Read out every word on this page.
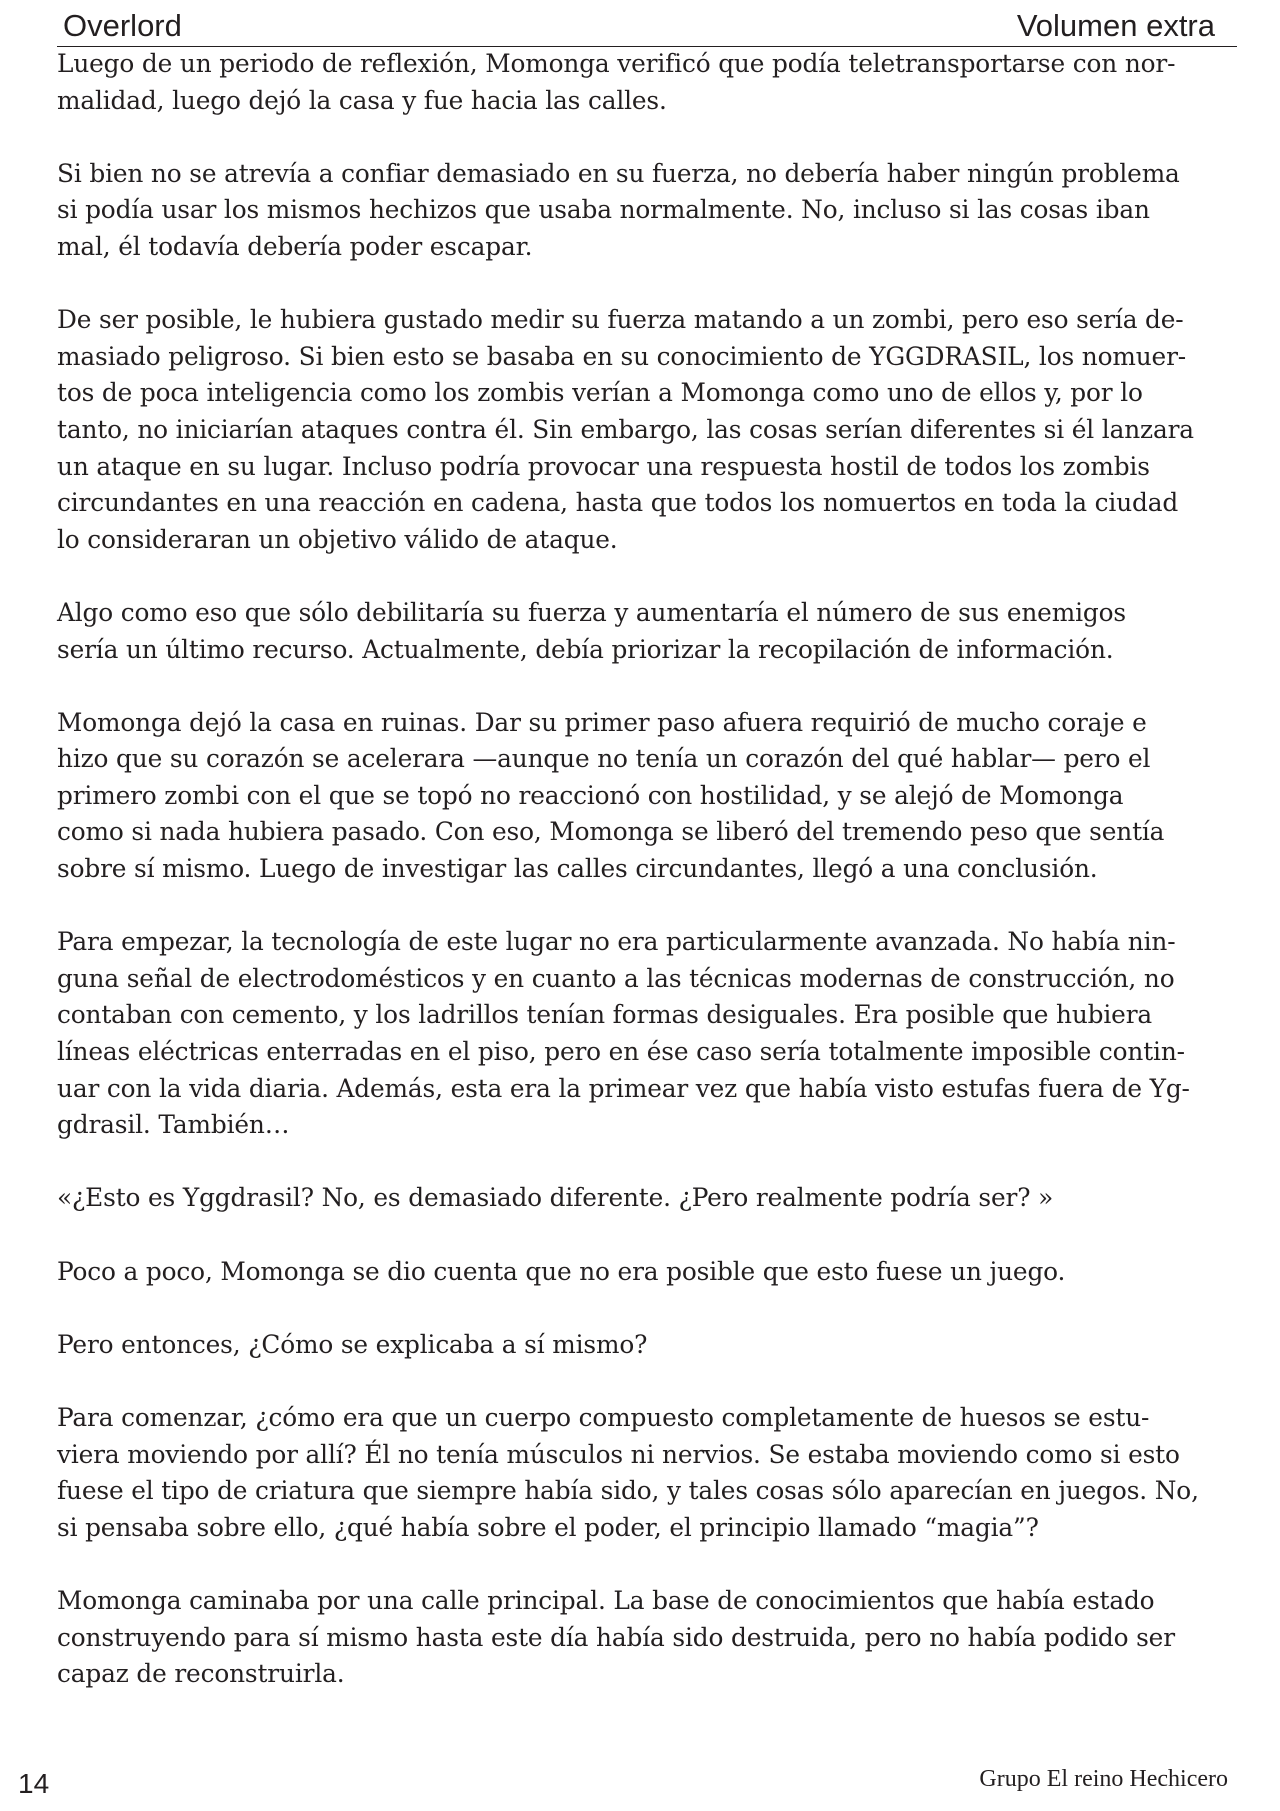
Overlord	Volumen extra
Luego de un periodo de reflexión, Momonga verificó que podía teletransportarse con nor-
malidad, luego dejó la casa y fue hacia las calles.
Si bien no se atrevía a confiar demasiado en su fuerza, no debería haber ningún problema
si podía usar los mismos hechizos que usaba normalmente. No, incluso si las cosas iban
mal, él todavía debería poder escapar.
De ser posible, le hubiera gustado medir su fuerza matando a un zombi, pero eso sería de-
masiado peligroso. Si bien esto se basaba en su conocimiento de YGGDRASIL, los nomuer-
tos de poca inteligencia como los zombis verían a Momonga como uno de ellos y, por lo
tanto, no iniciarían ataques contra él. Sin embargo, las cosas serían diferentes si él lanzara
un ataque en su lugar. Incluso podría provocar una respuesta hostil de todos los zombis
circundantes en una reacción en cadena, hasta que todos los nomuertos en toda la ciudad
lo consideraran un objetivo válido de ataque.
Algo como eso que sólo debilitaría su fuerza y aumentaría el número de sus enemigos
sería un último recurso. Actualmente, debía priorizar la recopilación de información.
Momonga dejó la casa en ruinas. Dar su primer paso afuera requirió de mucho coraje e
hizo que su corazón se acelerara —aunque no tenía un corazón del qué hablar— pero el
primero zombi con el que se topó no reaccionó con hostilidad, y se alejó de Momonga
como si nada hubiera pasado. Con eso, Momonga se liberó del tremendo peso que sentía
sobre sí mismo. Luego de investigar las calles circundantes, llegó a una conclusión.
Para empezar, la tecnología de este lugar no era particularmente avanzada. No había nin-
guna señal de electrodomésticos y en cuanto a las técnicas modernas de construcción, no
contaban con cemento, y los ladrillos tenían formas desiguales. Era posible que hubiera
líneas eléctricas enterradas en el piso, pero en ése caso sería totalmente imposible contin-
uar con la vida diaria. Además, esta era la primear vez que había visto estufas fuera de Yg-
gdrasil. También…
«¿Esto es Yggdrasil? No, es demasiado diferente. ¿Pero realmente podría ser? »
Poco a poco, Momonga se dio cuenta que no era posible que esto fuese un juego.
Pero entonces, ¿Cómo se explicaba a sí mismo?
Para comenzar, ¿cómo era que un cuerpo compuesto completamente de huesos se estu-
viera moviendo por allí? Él no tenía músculos ni nervios. Se estaba moviendo como si esto
fuese el tipo de criatura que siempre había sido, y tales cosas sólo aparecían en juegos. No,
si pensaba sobre ello, ¿qué había sobre el poder, el principio llamado “magia”?
Momonga caminaba por una calle principal. La base de conocimientos que había estado
construyendo para sí mismo hasta este día había sido destruida, pero no había podido ser
capaz de reconstruirla.
14	Grupo El reino Hechicero
